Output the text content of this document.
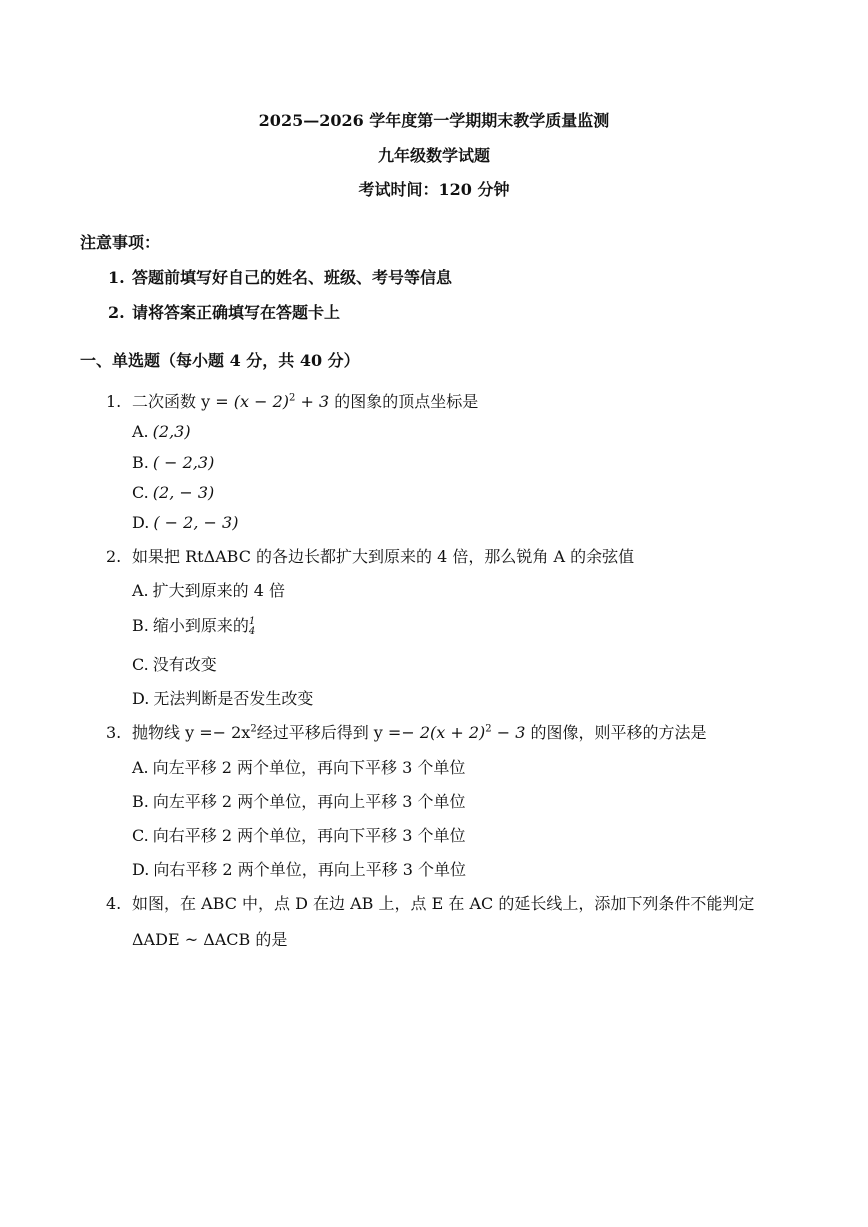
2025—2026 学年度第一学期期末教学质量监测
九年级数学试题
考试时间：120 分钟
注意事项：
1. 答题前填写好自己的姓名、班级、考号等信息
2. 请将答案正确填写在答题卡上
一、单选题（每小题 4 分，共 40 分）
1. 二次函数 $y = (x - 2)^2 + 3$ 的图象的顶点坐标是
A. (2,3)
B. ( − 2,3)
C. (2, − 3)
D. ( − 2, − 3)
2. 如果把 RtΔABC 的各边长都扩大到原来的 4 倍，那么锐角 A 的余弦值
A. 扩大到原来的 4 倍
B. 缩小到原来的 1
4
C. 没有改变
D. 无法判断是否发生改变
3. 抛物线 $y =- 2x^2$经过平移后得到 $y =- 2(x + 2)^2 - 3$ 的图像，则平移的方法是
A. 向左平移 2 两个单位，再向下平移 3 个单位
B. 向左平移 2 两个单位，再向上平移 3 个单位
C. 向右平移 2 两个单位，再向下平移 3 个单位
D. 向右平移 2 两个单位，再向上平移 3 个单位
4. 如图，在 ABC 中，点 D 在边 AB 上，点 E 在 AC 的延长线上，添加下列条件不能判定
ΔADE ~ ΔACB 的是
